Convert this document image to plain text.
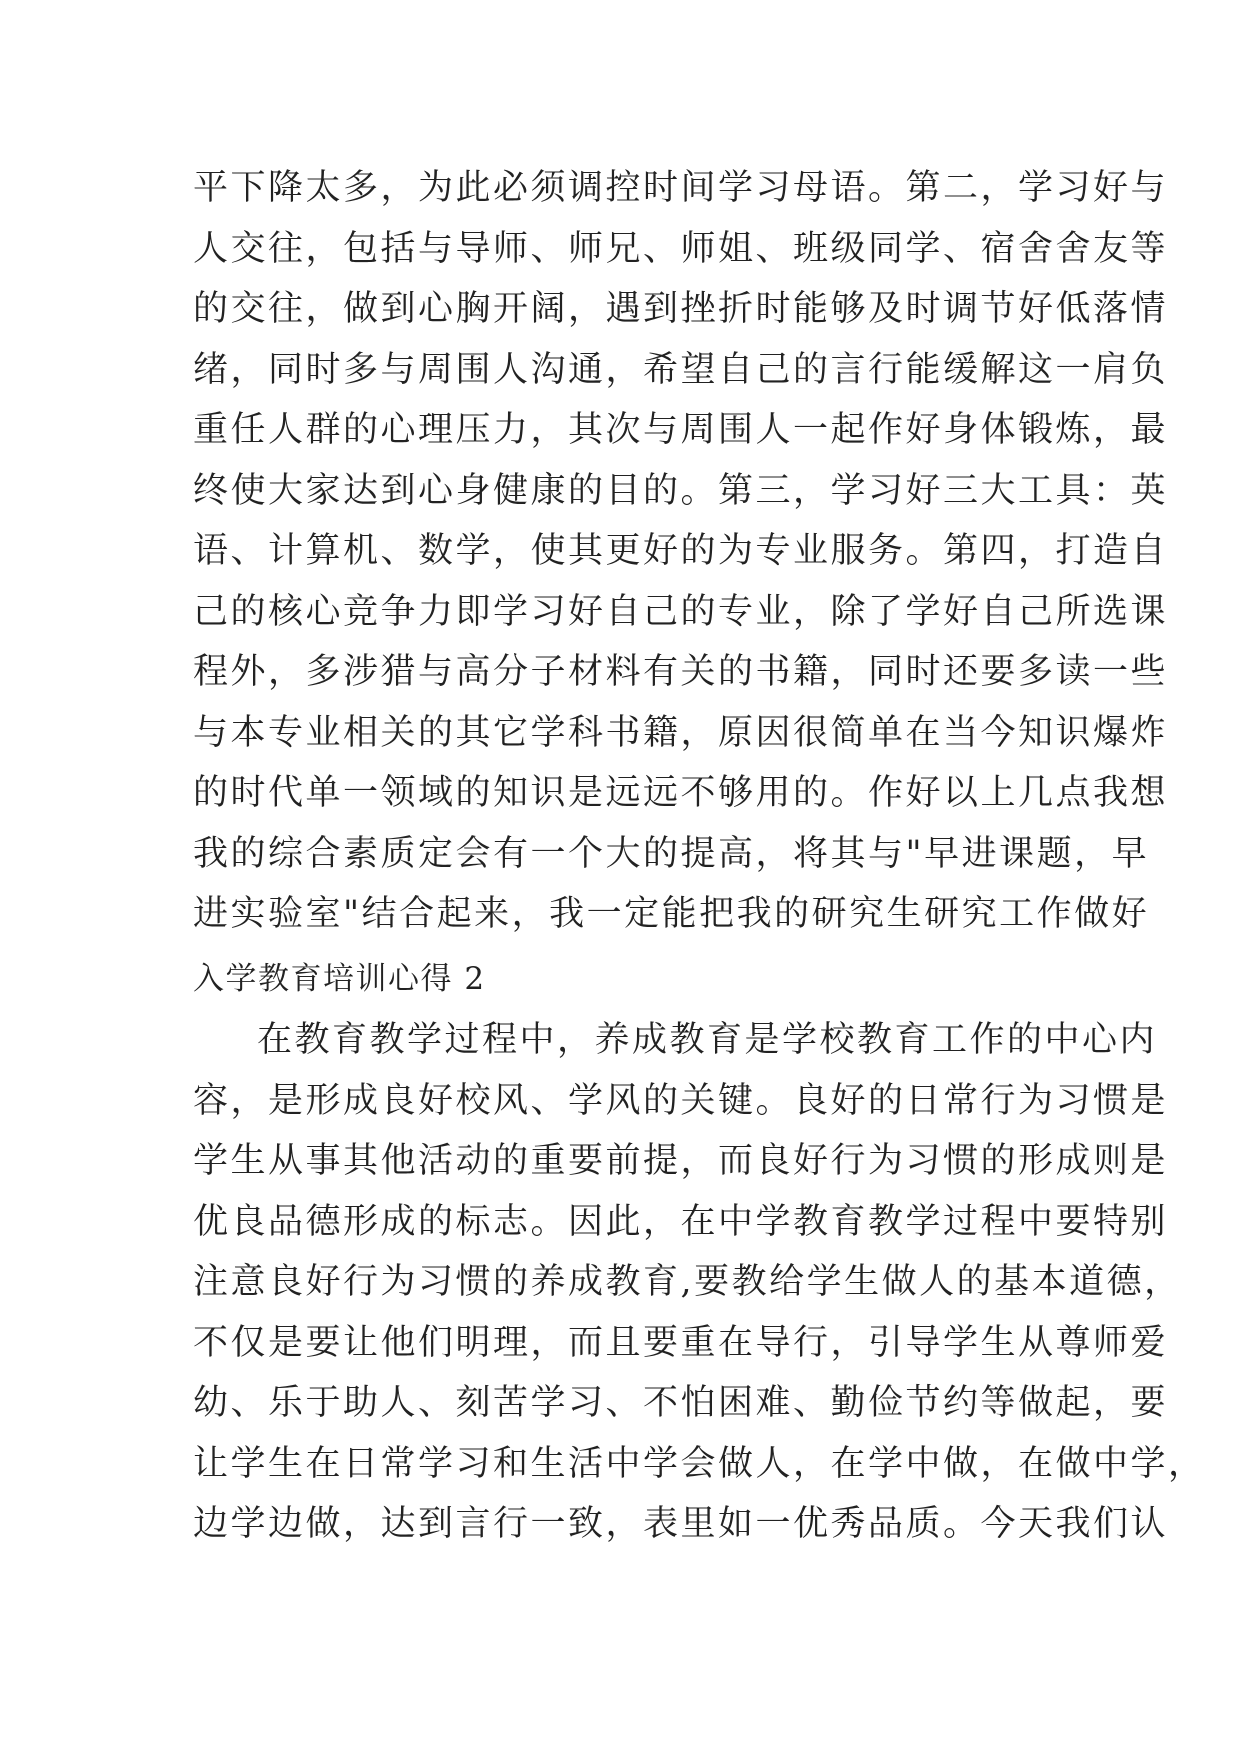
平下降太多，为此必须调控时间学习母语。第二，学习好与
人交往，包括与导师、师兄、师姐、班级同学、宿舍舍友等
的交往，做到心胸开阔，遇到挫折时能够及时调节好低落情
绪，同时多与周围人沟通，希望自己的言行能缓解这一肩负
重任人群的心理压力，其次与周围人一起作好身体锻炼，最
终使大家达到心身健康的目的。第三，学习好三大工具：英
语、计算机、数学，使其更好的为专业服务。第四，打造自
己的核心竞争力即学习好自己的专业，除了学好自己所选课
程外，多涉猎与高分子材料有关的书籍，同时还要多读一些
与本专业相关的其它学科书籍，原因很简单在当今知识爆炸
的时代单一领域的知识是远远不够用的。作好以上几点我想
我的综合素质定会有一个大的提高，将其与"早进课题，早
进实验室"结合起来，我一定能把我的研究生研究工作做好
入学教育培训心得 2
在教育教学过程中，养成教育是学校教育工作的中心内
容，是形成良好校风、学风的关键。良好的日常行为习惯是
学生从事其他活动的重要前提，而良好行为习惯的形成则是
优良品德形成的标志。因此，在中学教育教学过程中要特别
注意良好行为习惯的养成教育,要教给学生做人的基本道德，
不仅是要让他们明理，而且要重在导行，引导学生从尊师爱
幼、乐于助人、刻苦学习、不怕困难、勤俭节约等做起，要
让学生在日常学习和生活中学会做人，在学中做，在做中学，
边学边做，达到言行一致，表里如一优秀品质。今天我们认
